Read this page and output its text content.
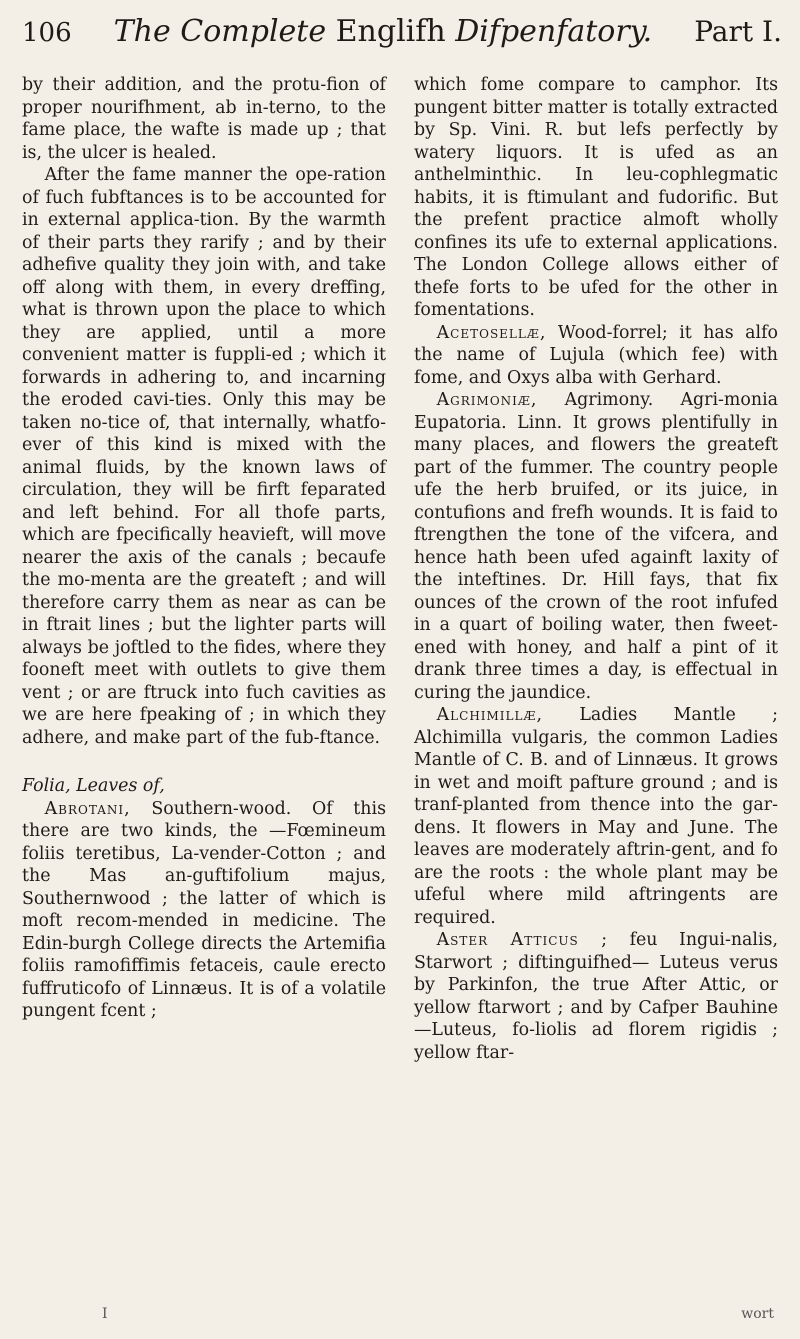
106 The Complete Englifh Difpenfatory. Part I.

by their addition, and the protu-fion of proper nourifhment, ab in-terno, to the fame place, the wafte is made up ; that is, the ulcer is healed.

After the fame manner the ope-ration of fuch fubftances is to be accounted for in external applica-tion. By the warmth of their parts they rarify ; and by their adhefive quality they join with, and take off along with them, in every dreffing, what is thrown upon the place to which they are applied, until a more convenient matter is fuppli-ed ; which it forwards in adhering to, and incarning the eroded cavi-ties. Only this may be taken no-tice of, that internally, whatfo-ever of this kind is mixed with the animal fluids, by the known laws of circulation, they will be firft feparated and left behind. For all thofe parts, which are fpecifically heavieft, will move nearer the axis of the canals ; becaufe the mo-menta are the greateft ; and will therefore carry them as near as can be in ftrait lines ; but the lighter parts will always be joftled to the fides, where they fooneft meet with outlets to give them vent ; or are ftruck into fuch cavities as we are here fpeaking of ; in which they adhere, and make part of the fub-ftance.

Folia, Leaves of,

Abrotani, Southern-wood. Of this there are two kinds, the —Fœmineum foliis teretibus, La-vender-Cotton ; and the Mas an-guftifolium majus, Southernwood ; the latter of which is moft recom-mended in medicine. The Edin-burgh College directs the Artemifia foliis ramofiffimis fetaceis, caule erecto fuffruticofo of Linnæus. It is of a volatile pungent fcent ;

which fome compare to camphor. Its pungent bitter matter is totally extracted by Sp. Vini. R. but lefs perfectly by watery liquors. It is ufed as an anthelminthic. In leu-cophlegmatic habits, it is ftimulant and fudorific. But the prefent practice almoft wholly confines its ufe to external applications. The London College allows either of thefe forts to be ufed for the other in fomentations.

Acetosellæ, Wood-forrel; it has alfo the name of Lujula (which fee) with fome, and Oxys alba with Gerhard.

Agrimoniæ, Agrimony. Agri-monia Eupatoria. Linn. It grows plentifully in many places, and flowers the greateft part of the fummer. The country people ufe the herb bruifed, or its juice, in contufions and frefh wounds. It is faid to ftrengthen the tone of the vifcera, and hence hath been ufed againft laxity of the inteftines. Dr. Hill fays, that fix ounces of the crown of the root infufed in a quart of boiling water, then fweet-ened with honey, and half a pint of it drank three times a day, is effectual in curing the jaundice.

Alchimillæ, Ladies Mantle ; Alchimilla vulgaris, the common Ladies Mantle of C. B. and of Linnæus. It grows in wet and moift pafture ground ; and is tranf-planted from thence into the gar-dens. It flowers in May and June. The leaves are moderately aftrin-gent, and fo are the roots : the whole plant may be ufeful where mild aftringents are required.

Aster Atticus ; feu Ingui-nalis, Starwort ; diftinguifhed— Luteus verus by Parkinfon, the true After Attic, or yellow ftarwort ; and by Cafper Bauhine—Luteus, fo-liolis ad florem rigidis ; yellow ftar-

I	wort
